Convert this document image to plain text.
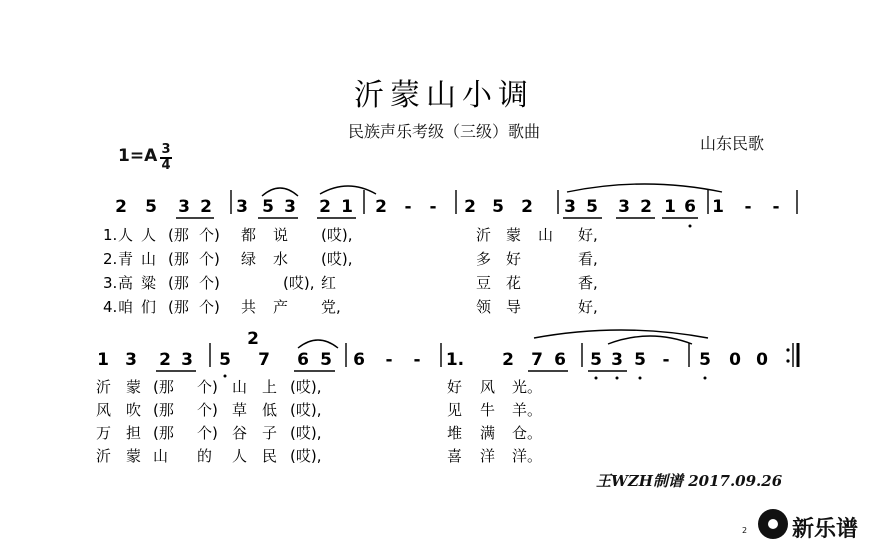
沂蒙山小调
民族声乐考级（三级）歌曲
山东民歌
1=A 3
4
2 5 3 2 3 5 3 2 1 2 - - 2 5 2 3 5 3 2 1 6 1 - -
1 3 2 3 5 7 6 5 6 - - 1. 2 7 6 5 3 5 - 5 0 0
2
1. 人 人 (那 个) 都 说 (哎),	沂 蒙 山 好,
2. 青 山 (那 个) 绿 水 (哎),	多 好	看,
3. 高 粱 (那 个)	红
(哎),	豆 花	香,
4. 咱 们 (那 个) 共 产 党,	领 导	好,
沂 蒙 (那 个) 山 上 (哎),	好 风 光。
风 吹 (那 个) 草 低 (哎),	见 牛 羊。
万 担 (那 个) 谷 子 (哎),	堆 满 仓。
沂 蒙 山 的 人 民 (哎),	喜 洋 洋。
王WZH制谱 2017.09.26
2 新乐谱
